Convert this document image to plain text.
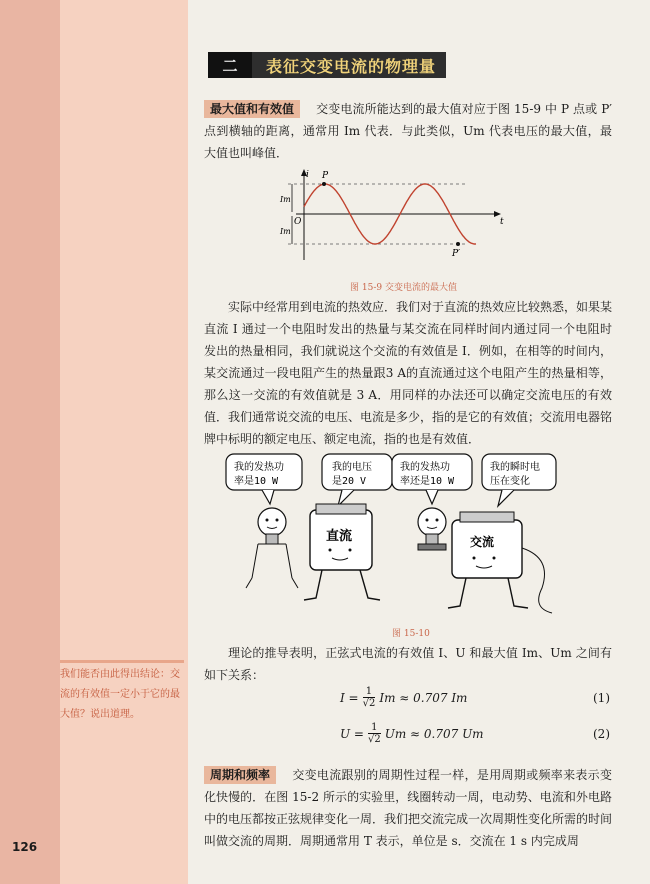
126
二	表征交变电流的物理量
最大值和有效值 交变电流所能达到的最大值对应于图 15-9 中 P 点或 P′点到横轴的距离，通常用 Im 代表．与此类似，Um 代表电压的最大值，最大值也叫峰值．
i
t
O
P
P′
Im
Im
图 15-9 交变电流的最大值
实际中经常用到电流的热效应．我们对于直流的热效应比较熟悉，如果某直流 I 通过一个电阻时发出的热量与某交流在同样时间内通过同一个电阻时发出的热量相同，我们就说这个交流的有效值是 I．例如，在相等的时间内，某交流通过一段电阻产生的热量跟3 A的直流通过这个电阻产生的热量相等，那么这一交流的有效值就是 3 A．用同样的办法还可以确定交流电压的有效值．我们通常说交流的电压、电流是多少，指的是它的有效值；交流用电器铭牌中标明的额定电压、额定电流，指的也是有效值．
我的发热功
率是10 W
我的电压
是20 V
我的发热功
率还是10 W
我的瞬时电
压在变化
直流	交流
图 15-10
我们能否由此得出结论：交流的有效值一定小于它的最大值？说出道理。
理论的推导表明，正弦式电流的有效值 I、U 和最大值 Im、Um 之间有如下关系：
$I = \frac{1}{√2}$ Im ≈ 0.707 Im	(1)
$U = \frac{1}{√2}$ Um ≈ 0.707 Um	(2)
周期和频率 交变电流跟别的周期性过程一样，是用周期或频率来表示变化快慢的．在图 15-2 所示的实验里，线圈转动一周，电动势、电流和外电路中的电压都按正弦规律变化一周．我们把交流完成一次周期性变化所需的时间叫做交流的周期．周期通常用 T 表示，单位是 s．交流在 1 s 内完成周
